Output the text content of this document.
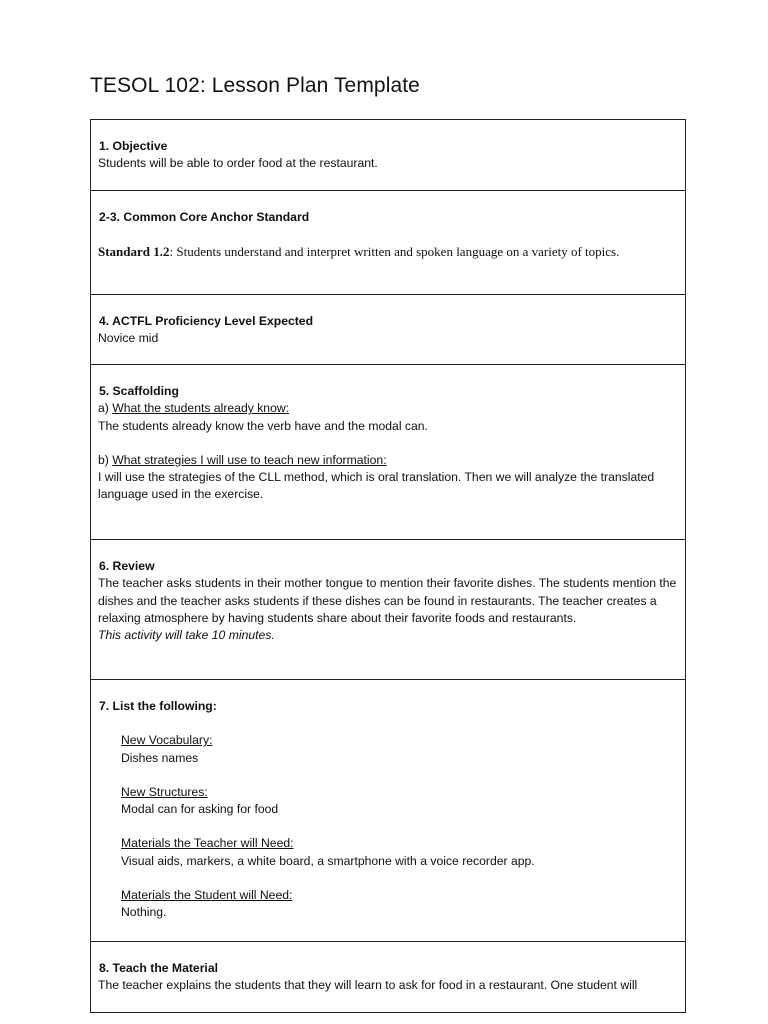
TESOL 102: Lesson Plan Template

1. Objective

Students will be able to order food at the restaurant.

2-3. Common Core Anchor Standard

Standard 1.2: Students understand and interpret written and spoken language on a variety of topics.

4. ACTFL Proficiency Level Expected

Novice mid

5. Scaffolding

a) What the students already know:

The students already know the verb have and the modal can.

b) What strategies I will use to teach new information:

I will use the strategies of the CLL method, which is oral translation. Then we will analyze the translated language used in the exercise.

6. Review

The teacher asks students in their mother tongue to mention their favorite dishes. The students mention the dishes and the teacher asks students if these dishes can be found in restaurants. The teacher creates a relaxing atmosphere by having students share about their favorite foods and restaurants.

This activity will take 10 minutes.

7. List the following:

New Vocabulary:

Dishes names

New Structures:

Modal can for asking for food

Materials the Teacher will Need:

Visual aids, markers, a white board, a smartphone with a voice recorder app.

Materials the Student will Need:

Nothing.

8. Teach the Material

The teacher explains the students that they will learn to ask for food in a restaurant. One student will
